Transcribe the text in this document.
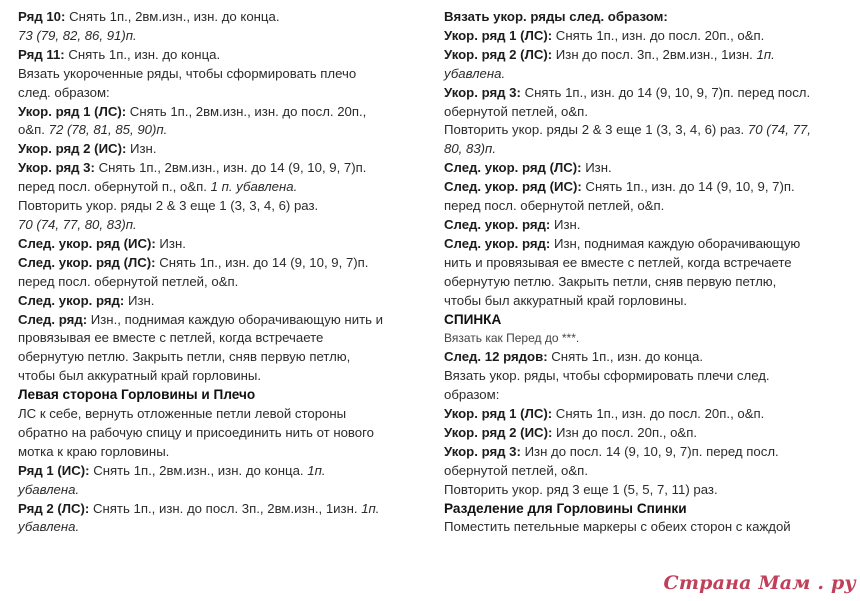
Ряд 10: Снять 1п., 2вм.изн., изн. до конца.
73 (79, 82, 86, 91)п.
Ряд 11: Снять 1п., изн. до конца.
Вязать укороченные ряды, чтобы сформировать плечо
след. образом:
Укор. ряд 1 (ЛС): Снять 1п., 2вм.изн., изн. до посл. 20п.,
о&п. 72 (78, 81, 85, 90)п.
Укор. ряд 2 (ИС): Изн.
Укор. ряд 3: Снять 1п., 2вм.изн., изн. до 14 (9, 10, 9, 7)п.
перед посл. обернутой п., о&п. 1 п. убавлена.
Повторить укор. ряды 2 & 3 еще 1 (3, 3, 4, 6) раз.
70 (74, 77, 80, 83)п.
След. укор. ряд (ИС): Изн.
След. укор. ряд (ЛС): Снять 1п., изн. до 14 (9, 10, 9, 7)п.
перед посл. обернутой петлей, о&п.
След. укор. ряд: Изн.
След. ряд: Изн., поднимая каждую оборачивающую нить и
провязывая ее вместе с петлей, когда встречаете
обернутую петлю. Закрыть петли, сняв первую петлю,
чтобы был аккуратный край горловины.
Левая сторона Горловины и Плечо
ЛС к себе, вернуть отложенные петли левой стороны
обратно на рабочую спицу и присоединить нить от нового
мотка к краю горловины.
Ряд 1 (ИС): Снять 1п., 2вм.изн., изн. до конца. 1п.
убавлена.
Ряд 2 (ЛС): Снять 1п., изн. до посл. 3п., 2вм.изн., 1изн. 1п.
убавлена.
Вязать укор. ряды след. образом:
Укор. ряд 1 (ЛС): Снять 1п., изн. до посл. 20п., о&п.
Укор. ряд 2 (ЛС): Изн до посл. 3п., 2вм.изн., 1изн. 1п.
убавлена.
Укор. ряд 3: Снять 1п., изн. до 14 (9, 10, 9, 7)п. перед посл.
обернутой петлей, о&п.
Повторить укор. ряды 2 & 3 еще 1 (3, 3, 4, 6) раз. 70 (74, 77,
80, 83)п.
След. укор. ряд (ЛС): Изн.
След. укор. ряд (ИС): Снять 1п., изн. до 14 (9, 10, 9, 7)п.
перед посл. обернутой петлей, о&п.
След. укор. ряд: Изн.
След. укор. ряд: Изн, поднимая каждую оборачивающую
нить и провязывая ее вместе с петлей, когда встречаете
обернутую петлю. Закрыть петли, сняв первую петлю,
чтобы был аккуратный край горловины.
СПИНКА
Вязать как Перед до ***.
След. 12 рядов: Снять 1п., изн. до конца.
Вязать укор. ряды, чтобы сформировать плечи след.
образом:
Укор. ряд 1 (ЛС): Снять 1п., изн. до посл. 20п., о&п.
Укор. ряд 2 (ИС): Изн до посл. 20п., о&п.
Укор. ряд 3: Изн до посл. 14 (9, 10, 9, 7)п. перед посл.
обернутой петлей, о&п.
Повторить укор. ряд 3 еще 1 (5, 5, 7, 11) раз.
Разделение для Горловины Спинки
Поместить петельные маркеры с обеих сторон с каждой
Страна Мам . ру
